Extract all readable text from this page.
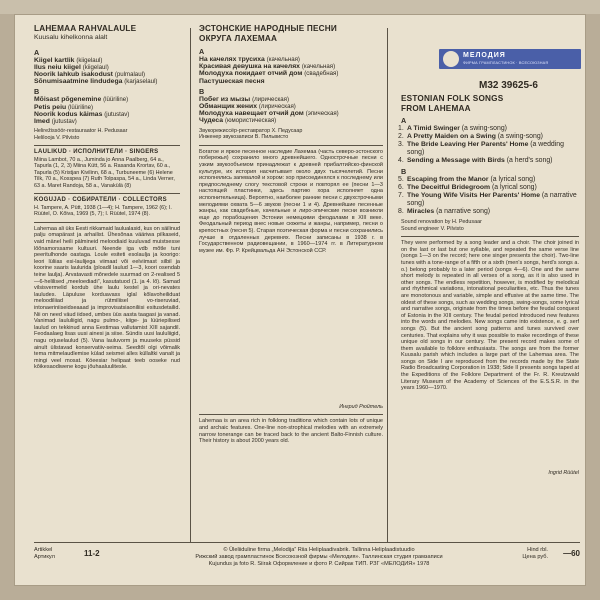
LAHEMAA RAHVALAULE
Kuusalu kihelkonna alalt
A
Kiigel kartlik (kiigelaul)
Ilus neiu kiigel (kiigelaul)
Noorik lahkub isakodust (pulmalaul)
Sõnumisaatmine lindudega (karjaselaul)
B
Mõisast põgenemine (lüüriline)
Petis peiu (lüüriline)
Noorik kodus käimas (jutustav)
Imed (jutustav)
Helirežissöör-restauraator H. Pedusaar
Helilooja V. Pilvisto
LAULIKUD · ИСПОЛНИТЕЛИ · SINGERS
Miina Lambot, 70 a., Juminda jo Anna Paalberg, 64 a., Tapurla (1, 2, 3) Miina Kütt, 56 a. Rasanda Krortav, 60 a., Tapurla (5) Kristjan Kivilinn, 68 a., Turbuneeme (6) Helene Tilk, 70 a., Kosspea (7) Ruth Tolpaspa, 54 a., Linda Verner, 63 a. Maret Randoja, 58 a., Vanakülä (8)
KOGUJAD · СОБИРАТЕЛИ · COLLECTORS
H. Tampere, A. Pütt, 1938 (1—4); H. Tampere, 1962 (6); I. Rüütel, O. Kõiva, 1969 (5, 7); I. Rüütel, 1974 (8).
Lahemaa ali üks Eesti rikkamaid laulualasid, kus on säilinud palju omapärast ja arhailist. Ühesõnaa vääriwa pilkaseid, vaid mänel heili pälmineid meloodiaid kuuluvad muistsesse lõõnamorssame kultuuri. Neende iga vdb mõtle tuni peeritulhonde oastaga. Loule esiteti esolaulja ja koorigo: leori lüliias esi-laulijega viimaat või eelviimast silbil ja koorine saaris laulurida (ploadil laulud 1—3, koori osendab teine laulja). Arvatavasti mõnedele suurmad on 2-realised 5—6-helilised „meeloediadi”, kasutatuod (1. ja 4. lõ). Samad vilsisvermelid kordub ühe laulu kestel ja ori-nevates lauludes. Läpuluse korduavass iglal kõlavoheiliduat meloodiliiad ja rütmiliisel vo-riseruviad, intonaeriniiseidseaaad ja improvisatsiaoniliisi esitusdetailid. Nii on need väud iidsed, umbes üüs aasta taagasi ja vanad. Vanimad laululiigid, nagu pulmo-, kiige- ja lüüriepilised laulud on tekkinud anna Eestimaa vallutamist XIII sajandil. Feodaalaeg lisas uusi ainesi ja siise. Sündis uusi laululiigid, nagu orjuselaulud (5). Vana lauluvorm ja muuseks püssid ainult ülistavad konservatiiv-seima. Seedtõl olgi võimalik tema mitmelaudlemise külad seismei alles küllaltki vanalt ja mingi veel mosat. Köeesiar helipaat teeb ooseke nud kõikesaodiwene kogu jõuhaaluulitesle.
ЭСТОНСКИЕ НАРОДНЫЕ ПЕСНИ
ОКРУГА ЛАХЕМАА
A
На качелях трусиха (качельная)
Красивая девушка на качелях (качельная)
Молодуха покидает отчий дом (свадебная)
Пастушеская песня
B
Побег из мызы (лирическая)
Обманщик жених (лирическая)
Молодуха навещает отчий дом (эпическая)
Чудеса (юмористическая)
Звукорежиссёр-реставратор Х. Педусаар
Инженер звукозаписи В. Пильвисто
Богатое и яркое песенное наследие Лахемаа (часть северо-эстонского побережья) сохранило много древнейшего. Однострочные песни с узким звукообъемом принадлежат к древней прибалтийско-финской культуре, их история насчитывает около двух тысячелетий. Песни исполнялись запевалой и хором: хор присоединялся к последнему или предпоследнему слогу текстовой строки и повторял ее (песни 1—3 настоящей пластинки, здесь партию хора исполняет одна исполнительница). Вероятно, наиболее ранние песни с двухстрочными мелодиями охвата 5—6 звуков (песни 1 и 4). Древнейшие песенные жанры, как свадебные, качельные и лиро-эпические песни возникли еще до порабощения Эстонии немецкими феодалами в XIII веке. Феодальный период внес новые сюжеты и жанры, например, песни о крепостных (песня 5). Старая поэтическая форма и песни сохранились лучше в отдаленных деревнях. Песни записаны в 1938 г. в Государственном радиовещании, в 1960—1974 гг. в Литературном музее им. Фр. Р. Крейцвальда АН Эстонской ССР.
Ингрид Рюйтель
Lahemaa is an area rich in folklong traditions which contain lots of unique and archaic features. One-line non-strophical melodies with an extremely narrow tonerange can be traced back to the ancient Balto-Finnish culture. Their history is about 2000 years old.
МЕЛОДИЯ
ФИРМА ГРАМПЛАСТИНОК · ВСЕСОЮЗНАЯ
М32 39625-6
ESTONIAN FOLK SONGS
FROM LAHEMAA
A
1. A Timid Swinger (a swing-song)
2. A Pretty Maiden on a Swing (a swing-song)
3. The Bride Leaving Her Parents' Home (a wedding song)
4. Sending a Message with Birds (a herd's song)
B
5. Escaping from the Manor (a lyrical song)
6. The Deceitful Bridegroom (a lyrical song)
7. The Young Wife Visits Her Parents' Home (a narrative song)
8. Miracles (a narrative song)
Sound renovation by H. Pedusaar
Sound engineer V. Pilvisto
They were performed by a song leader and a choir. The choir joined in on the last or last but one syllable, and repeated the same verse line (songs 1—3 on the record; here one singer presents the choir). Two-line tunes with a tone-range of a fifth or a sixth (men's songs, herd's songs a. o.) belong probably to a later period (songs 4—6). One and the same short melody is repeated in all verses of a song, as it is also used in other songs. The endless repetition, however, is modified by melodical and rhythmical variations, intonational peculiarities, etc. Thus the tunes are monotonous and variable, simple and effusive at the same time. The oldest of these songs, such as wedding songs, swing-songs, some lyrical and narrative songs, originate from the times before the feudal conquest of Estonia in the XIII century. The feudal period introduced new features into the words and melodies. New songs came into existence, e. g. serf songs (5). But the ancient song patterns and tunes survived over centuries. That explains why it was possible to make recordings of these unique old songs in our century. The present record makes some of them available to folklore enthusiasts. The songs are from the former Kuusalu parish which includes a large part of the Lahemaa area. The songs on Side I are reproduced from the records made by the State Radio Broadcasting Corporation in 1938; Side II presents songs taped at the Expeditions of the Folklore Department of the Fr. R. Kreutzwald Literary Museum of the Academy of Sciences of the E.S.S.R. in the years 1960—1970.
Ingrid Rüütel
Artikkel
Артикул	11-2	© Üleliiduline firma „Melodija” Riia Heliplaadivabrik. Tallinna Heliplaadistuudio
Рижский завод грампластинок Всесоюзной фирмы «Мелодия». Таллинская студия грамзаписи
Kujundus ja foto R. Siirak Оформление и фото Р. Сийрак ТИП. РЗГ «МЕЛОДИЯ» 1978
Hind rbl.
Цена руб. —60
